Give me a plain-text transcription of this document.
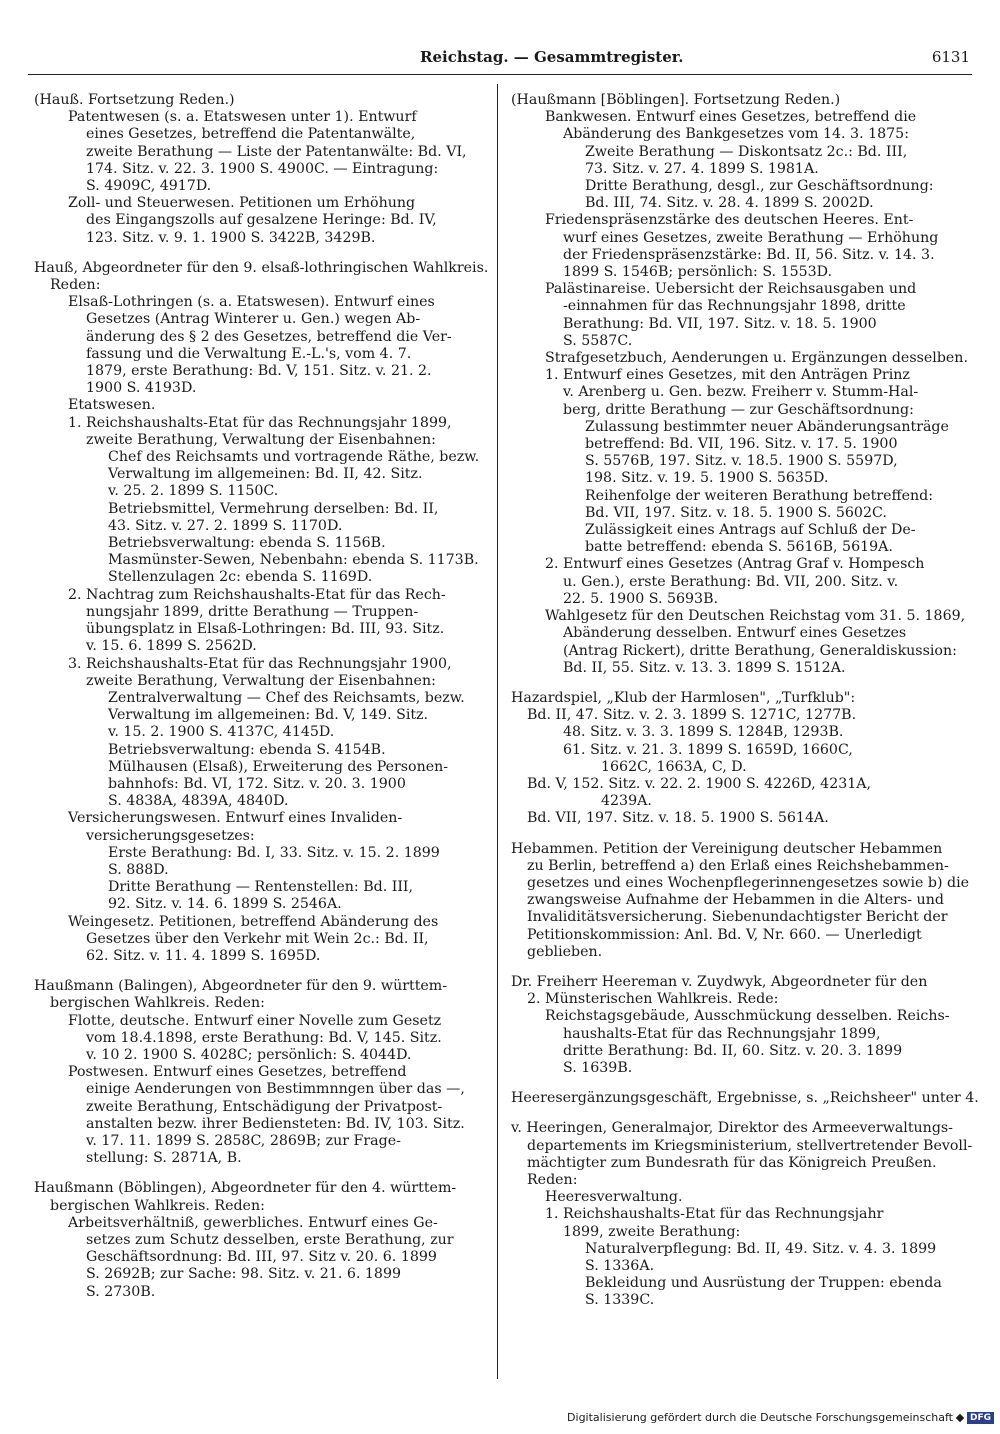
Reichstag. — Gesammtregister.	6131
(Hauß. Fortsetzung Reden.)
Patentwesen (s. a. Etatswesen unter 1). Entwurf
eines Gesetzes, betreffend die Patentanwälte,
zweite Berathung — Liste der Patentanwälte: Bd. VI,
174. Sitz. v. 22. 3. 1900 S. 4900C. — Eintragung:
S. 4909C, 4917D.
Zoll- und Steuerwesen. Petitionen um Erhöhung
des Eingangszolls auf gesalzene Heringe: Bd. IV,
123. Sitz. v. 9. 1. 1900 S. 3422B, 3429B.
Hauß, Abgeordneter für den 9. elsaß-lothringischen Wahlkreis.
Reden:
Elsaß-Lothringen (s. a. Etatswesen). Entwurf eines
Gesetzes (Antrag Winterer u. Gen.) wegen Ab-
änderung des § 2 des Gesetzes, betreffend die Ver-
fassung und die Verwaltung E.-L.'s, vom 4. 7.
1879, erste Berathung: Bd. V, 151. Sitz. v. 21. 2.
1900 S. 4193D.
Etatswesen.
1. Reichshaushalts-Etat für das Rechnungsjahr 1899,
zweite Berathung, Verwaltung der Eisenbahnen:
Chef des Reichsamts und vortragende Räthe, bezw.
Verwaltung im allgemeinen: Bd. II, 42. Sitz.
v. 25. 2. 1899 S. 1150C.
Betriebsmittel, Vermehrung derselben: Bd. II,
43. Sitz. v. 27. 2. 1899 S. 1170D.
Betriebsverwaltung: ebenda S. 1156B.
Masmünster-Sewen, Nebenbahn: ebenda S. 1173B.
Stellenzulagen 2c: ebenda S. 1169D.
2. Nachtrag zum Reichshaushalts-Etat für das Rech-
nungsjahr 1899, dritte Berathung — Truppen-
übungsplatz in Elsaß-Lothringen: Bd. III, 93. Sitz.
v. 15. 6. 1899 S. 2562D.
3. Reichshaushalts-Etat für das Rechnungsjahr 1900,
zweite Berathung, Verwaltung der Eisenbahnen:
Zentralverwaltung — Chef des Reichsamts, bezw.
Verwaltung im allgemeinen: Bd. V, 149. Sitz.
v. 15. 2. 1900 S. 4137C, 4145D.
Betriebsverwaltung: ebenda S. 4154B.
Mülhausen (Elsaß), Erweiterung des Personen-
bahnhofs: Bd. VI, 172. Sitz. v. 20. 3. 1900
S. 4838A, 4839A, 4840D.
Versicherungswesen. Entwurf eines Invaliden-
versicherungsgesetzes:
Erste Berathung: Bd. I, 33. Sitz. v. 15. 2. 1899
S. 888D.
Dritte Berathung — Rentenstellen: Bd. III,
92. Sitz. v. 14. 6. 1899 S. 2546A.
Weingesetz. Petitionen, betreffend Abänderung des
Gesetzes über den Verkehr mit Wein 2c.: Bd. II,
62. Sitz. v. 11. 4. 1899 S. 1695D.
Haußmann (Balingen), Abgeordneter für den 9. württem-
bergischen Wahlkreis. Reden:
Flotte, deutsche. Entwurf einer Novelle zum Gesetz
vom 18.4.1898, erste Berathung: Bd. V, 145. Sitz.
v. 10 2. 1900 S. 4028C; persönlich: S. 4044D.
Postwesen. Entwurf eines Gesetzes, betreffend
einige Aenderungen von Bestimmnngen über das —,
zweite Berathung, Entschädigung der Privatpost-
anstalten bezw. ihrer Bediensteten: Bd. IV, 103. Sitz.
v. 17. 11. 1899 S. 2858C, 2869B; zur Frage-
stellung: S. 2871A, B.
Haußmann (Böblingen), Abgeordneter für den 4. württem-
bergischen Wahlkreis. Reden:
Arbeitsverhältniß, gewerbliches. Entwurf eines Ge-
setzes zum Schutz desselben, erste Berathung, zur
Geschäftsordnung: Bd. III, 97. Sitz v. 20. 6. 1899
S. 2692B; zur Sache: 98. Sitz. v. 21. 6. 1899
S. 2730B.
(Haußmann [Böblingen]. Fortsetzung Reden.)
Bankwesen. Entwurf eines Gesetzes, betreffend die
Abänderung des Bankgesetzes vom 14. 3. 1875:
Zweite Berathung — Diskontsatz 2c.: Bd. III,
73. Sitz. v. 27. 4. 1899 S. 1981A.
Dritte Berathung, desgl., zur Geschäftsordnung:
Bd. III, 74. Sitz. v. 28. 4. 1899 S. 2002D.
Friedenspräsenzstärke des deutschen Heeres. Ent-
wurf eines Gesetzes, zweite Berathung — Erhöhung
der Friedenspräsenzstärke: Bd. II, 56. Sitz. v. 14. 3.
1899 S. 1546B; persönlich: S. 1553D.
Palästinareise. Uebersicht der Reichsausgaben und
-einnahmen für das Rechnungsjahr 1898, dritte
Berathung: Bd. VII, 197. Sitz. v. 18. 5. 1900
S. 5587C.
Strafgesetzbuch, Aenderungen u. Ergänzungen desselben.
1. Entwurf eines Gesetzes, mit den Anträgen Prinz
v. Arenberg u. Gen. bezw. Freiherr v. Stumm-Hal-
berg, dritte Berathung — zur Geschäftsordnung:
Zulassung bestimmter neuer Abänderungsanträge
betreffend: Bd. VII, 196. Sitz. v. 17. 5. 1900
S. 5576B, 197. Sitz. v. 18.5. 1900 S. 5597D,
198. Sitz. v. 19. 5. 1900 S. 5635D.
Reihenfolge der weiteren Berathung betreffend:
Bd. VII, 197. Sitz. v. 18. 5. 1900 S. 5602C.
Zulässigkeit eines Antrags auf Schluß der De-
batte betreffend: ebenda S. 5616B, 5619A.
2. Entwurf eines Gesetzes (Antrag Graf v. Hompesch
u. Gen.), erste Berathung: Bd. VII, 200. Sitz. v.
22. 5. 1900 S. 5693B.
Wahlgesetz für den Deutschen Reichstag vom 31. 5. 1869,
Abänderung desselben. Entwurf eines Gesetzes
(Antrag Rickert), dritte Berathung, Generaldiskussion:
Bd. II, 55. Sitz. v. 13. 3. 1899 S. 1512A.
Hazardspiel, „Klub der Harmlosen", „Turfklub":
Bd. II, 47. Sitz. v. 2. 3. 1899 S. 1271C, 1277B.
48. Sitz. v. 3. 3. 1899 S. 1284B, 1293B.
61. Sitz. v. 21. 3. 1899 S. 1659D, 1660C,
1662C, 1663A, C, D.
Bd. V, 152. Sitz. v. 22. 2. 1900 S. 4226D, 4231A,
4239A.
Bd. VII, 197. Sitz. v. 18. 5. 1900 S. 5614A.
Hebammen. Petition der Vereinigung deutscher Hebammen
zu Berlin, betreffend a) den Erlaß eines Reichshebammen-
gesetzes und eines Wochenpflegerinnengesetzes sowie b) die
zwangsweise Aufnahme der Hebammen in die Alters- und
Invaliditätsversicherung. Siebenundachtigster Bericht der
Petitionskommission: Anl. Bd. V, Nr. 660. — Unerledigt
geblieben.
Dr. Freiherr Heereman v. Zuydwyk, Abgeordneter für den
2. Münsterischen Wahlkreis. Rede:
Reichstagsgebäude, Ausschmückung desselben. Reichs-
haushalts-Etat für das Rechnungsjahr 1899,
dritte Berathung: Bd. II, 60. Sitz. v. 20. 3. 1899
S. 1639B.
Heeresergänzungsgeschäft, Ergebnisse, s. „Reichsheer" unter 4.
v. Heeringen, Generalmajor, Direktor des Armeeverwaltungs-
departements im Kriegsministerium, stellvertretender Bevoll-
mächtigter zum Bundesrath für das Königreich Preußen.
Reden:
Heeresverwaltung.
1. Reichshaushalts-Etat für das Rechnungsjahr
1899, zweite Berathung:
Naturalverpflegung: Bd. II, 49. Sitz. v. 4. 3. 1899
S. 1336A.
Bekleidung und Ausrüstung der Truppen: ebenda
S. 1339C.
Digitalisierung gefördert durch die Deutsche Forschungsgemeinschaft	DFG
